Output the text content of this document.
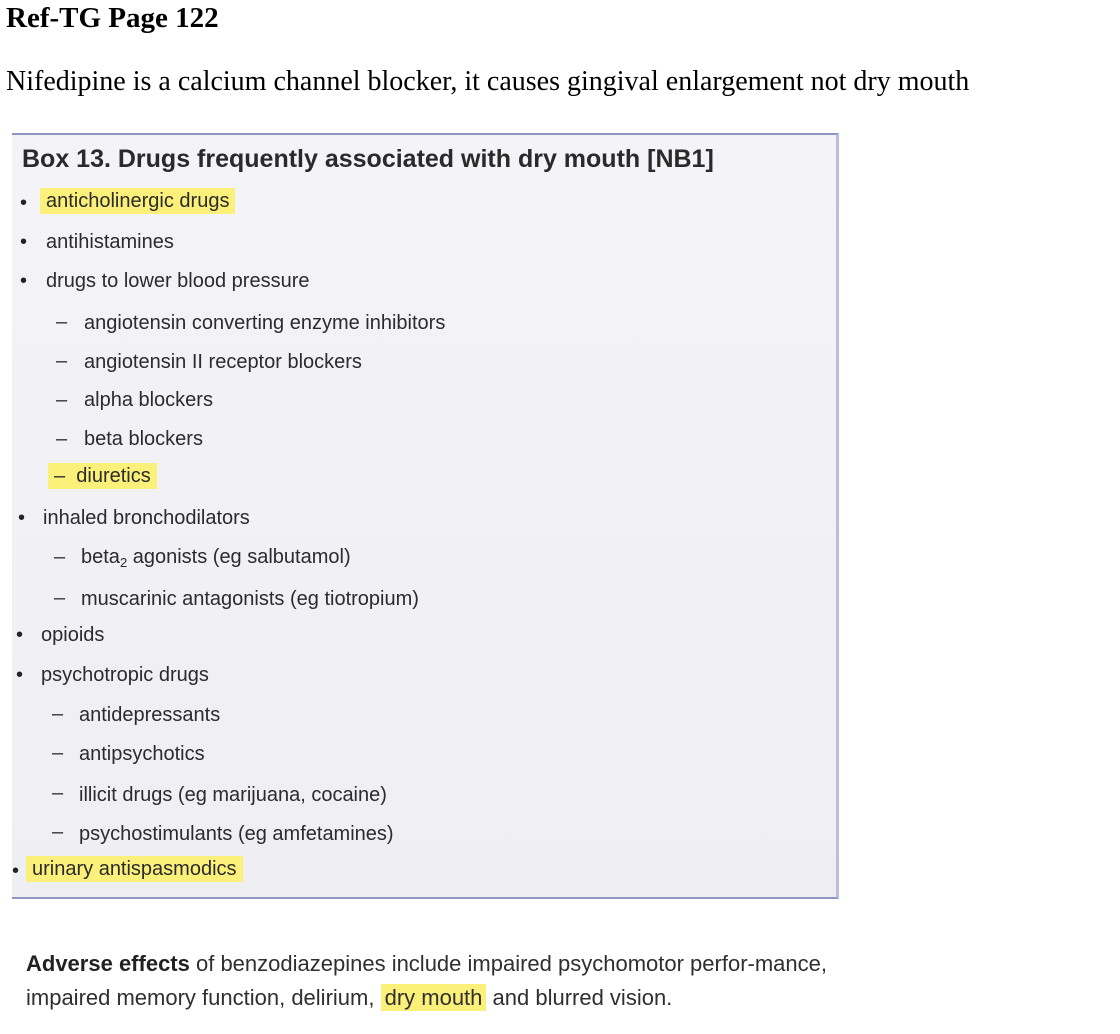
Ref-TG Page 122
Nifedipine is a calcium channel blocker, it causes gingival enlargement not dry mouth
Box 13. Drugs frequently associated with dry mouth [NB1]
• anticholinergic drugs
• antihistamines
• drugs to lower blood pressure
– angiotensin converting enzyme inhibitors
– angiotensin II receptor blockers
– alpha blockers
– beta blockers
–  diuretics
• inhaled bronchodilators
– beta$_2$ agonists (eg salbutamol)
– muscarinic antagonists (eg tiotropium)
• opioids
• psychotropic drugs
– antidepressants
– antipsychotics
– illicit drugs (eg marijuana, cocaine)
– psychostimulants (eg amfetamines)
• urinary antispasmodics
Adverse effects of benzodiazepines include impaired psychomotor perfor-mance, impaired memory function, delirium, dry mouth and blurred vision.
